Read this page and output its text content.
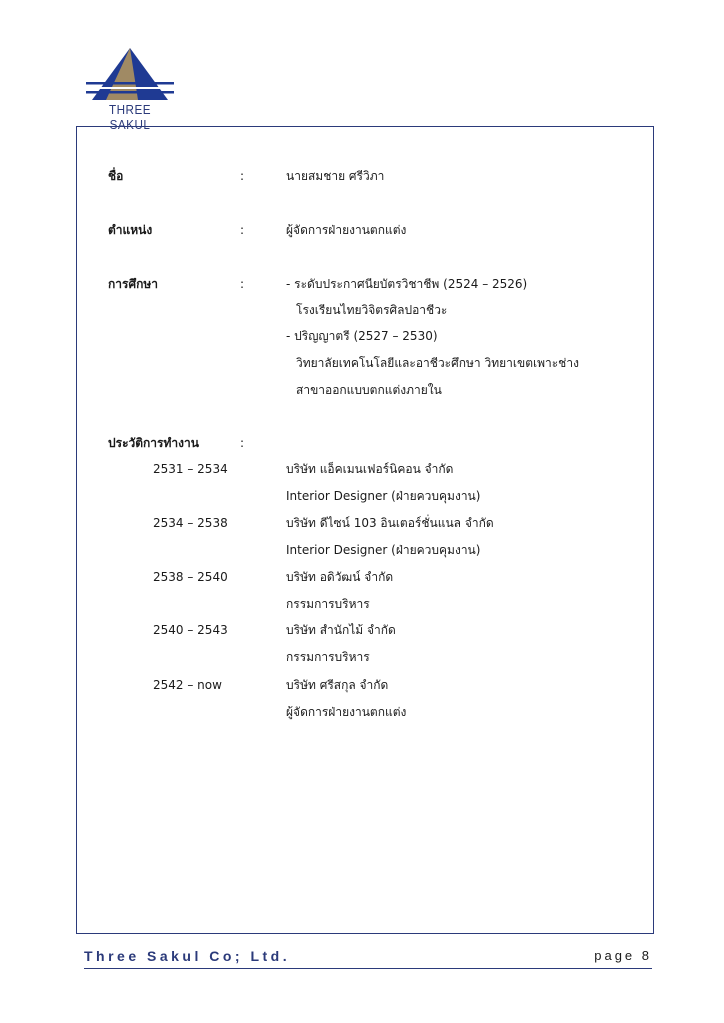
THREE SAKUL
ชื่อ	:	นายสมชาย ศรีวิภา
ตำแหน่ง	:	ผู้จัดการฝ่ายงานตกแต่ง
การศึกษา	:	- ระดับประกาศนียบัตรวิชาชีพ (2524 – 2526)
โรงเรียนไทยวิจิตรศิลปอาชีวะ
- ปริญญาตรี (2527 – 2530)
วิทยาลัยเทคโนโลยีและอาชีวะศึกษา วิทยาเขตเพาะช่าง
สาขาออกแบบตกแต่งภายใน
ประวัติการทำงาน	:
2531 – 2534	บริษัท แอ็คเมนเฟอร์นิคอน จำกัด
Interior Designer (ฝ่ายควบคุมงาน)
2534 – 2538	บริษัท ดีไซน์ 103 อินเตอร์ชั่นแนล จำกัด
Interior Designer (ฝ่ายควบคุมงาน)
2538 – 2540	บริษัท อดิวัฒน์ จำกัด
กรรมการบริหาร
2540 – 2543	บริษัท สำนักไม้ จำกัด
กรรมการบริหาร
2542 – now	บริษัท ศรีสกุล จำกัด
ผู้จัดการฝ่ายงานตกแต่ง
Three Sakul Co; Ltd.	page 8
